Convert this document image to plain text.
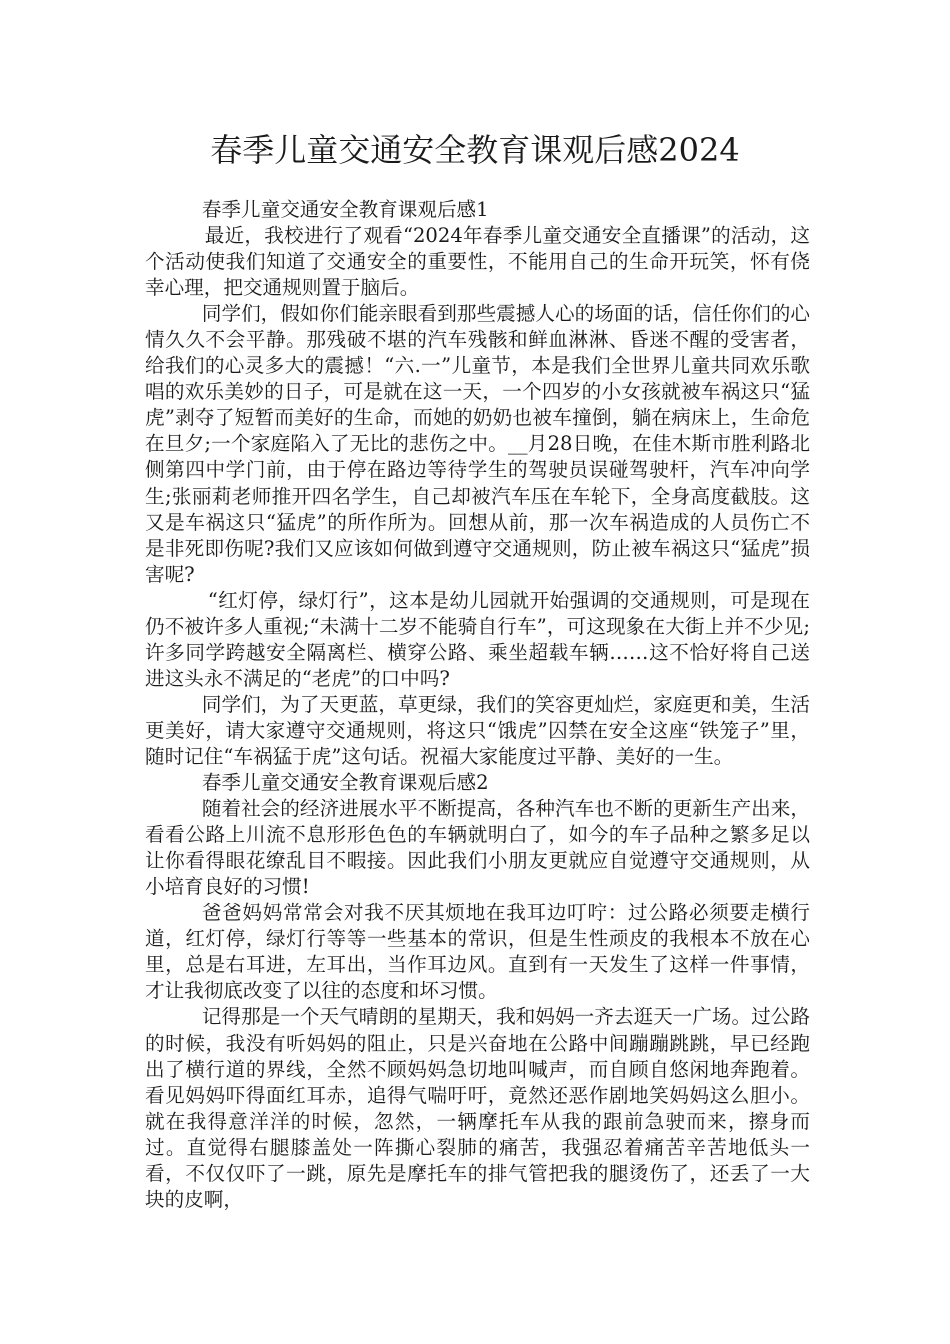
春季儿童交通安全教育课观后感2024

春季儿童交通安全教育课观后感1

最近，我校进行了观看“2024年春季儿童交通安全直播课”的活动，这个活动使我们知道了交通安全的重要性，不能用自己的生命开玩笑，怀有侥幸心理，把交通规则置于脑后。

同学们，假如你们能亲眼看到那些震撼人心的场面的话，信任你们的心情久久不会平静。那残破不堪的汽车残骸和鲜血淋淋、昏迷不醒的受害者，给我们的心灵多大的震撼！“六.一”儿童节，本是我们全世界儿童共同欢乐歌唱的欢乐美妙的日子，可是就在这一天，一个四岁的小女孩就被车祸这只“猛虎”剥夺了短暂而美好的生命，而她的奶奶也被车撞倒，躺在病床上，生命危在旦夕;一个家庭陷入了无比的悲伤之中。__月28日晚，在佳木斯市胜利路北侧第四中学门前，由于停在路边等待学生的驾驶员误碰驾驶杆，汽车冲向学生;张丽莉老师推开四名学生，自己却被汽车压在车轮下，全身高度截肢。这又是车祸这只“猛虎”的所作所为。回想从前，那一次车祸造成的人员伤亡不是非死即伤呢?我们又应该如何做到遵守交通规则，防止被车祸这只“猛虎”损害呢?

“红灯停，绿灯行”，这本是幼儿园就开始强调的交通规则，可是现在仍不被许多人重视;“未满十二岁不能骑自行车”，可这现象在大街上并不少见;许多同学跨越安全隔离栏、横穿公路、乘坐超载车辆……这不恰好将自己送进这头永不满足的“老虎”的口中吗?

同学们，为了天更蓝，草更绿，我们的笑容更灿烂，家庭更和美，生活更美好，请大家遵守交通规则，将这只“饿虎”囚禁在安全这座“铁笼子”里，随时记住“车祸猛于虎”这句话。祝福大家能度过平静、美好的一生。

春季儿童交通安全教育课观后感2

随着社会的经济进展水平不断提高，各种汽车也不断的更新生产出来，看看公路上川流不息形形色色的车辆就明白了，如今的车子品种之繁多足以让你看得眼花缭乱目不暇接。因此我们小朋友更就应自觉遵守交通规则，从小培育良好的习惯!

爸爸妈妈常常会对我不厌其烦地在我耳边叮咛：过公路必须要走横行道，红灯停，绿灯行等等一些基本的常识，但是生性顽皮的我根本不放在心里，总是右耳进，左耳出，当作耳边风。直到有一天发生了这样一件事情，才让我彻底改变了以往的态度和坏习惯。

记得那是一个天气晴朗的星期天，我和妈妈一齐去逛天一广场。过公路的时候，我没有听妈妈的阻止，只是兴奋地在公路中间蹦蹦跳跳，早已经跑出了横行道的界线，全然不顾妈妈急切地叫喊声，而自顾自悠闲地奔跑着。看见妈妈吓得面红耳赤，追得气喘吁吁，竟然还恶作剧地笑妈妈这么胆小。就在我得意洋洋的时候，忽然，一辆摩托车从我的跟前急驶而来，擦身而过。直觉得右腿膝盖处一阵撕心裂肺的痛苦，我强忍着痛苦辛苦地低头一看，不仅仅吓了一跳，原先是摩托车的排气管把我的腿烫伤了，还丢了一大块的皮啊，
